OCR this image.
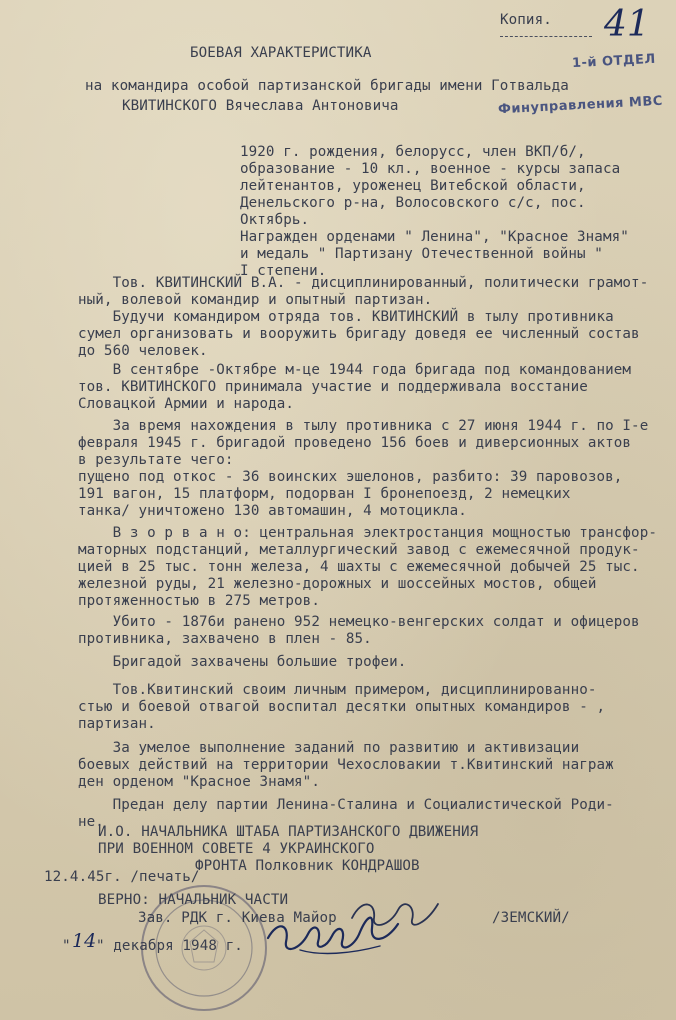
Копия. 41
1-й ОТДЕЛ
Финуправления МВС
БОЕВАЯ ХАРАКТЕРИСТИКА
на командира особой партизанской бригады имени Готвальда
КВИТИНСКОГО Вячеслава Антоновича
1920 г. рождения, белорусс, член ВКП/б/,
образование - 10 кл., военное - курсы запаса
лейтенантов, уроженец Витебской области,
Денельского р-на, Волосовского с/с, пос.
Октябрь.
Награжден орденами " Ленина", "Красное Знамя"
и медаль " Партизану Отечественной войны "
I степени.
Тов. КВИТИНСКИЙ В.А. - дисциплинированный, политически грамот-
ный, волевой командир и опытный партизан.
Будучи командиром отряда тов. КВИТИНСКИЙ в тылу противника
сумел организовать и вооружить бригаду доведя ее численный состав
до 560 человек.
В сентябре -Октябре м-це 1944 года бригада под командованием
тов. КВИТИНСКОГО принимала участие и поддерживала восстание
Словацкой Армии и народа.
За время нахождения в тылу противника с 27 июня 1944 г. по I-е
февраля 1945 г. бригадой проведено 156 боев и диверсионных актов
в результате чего:
пущено под откос - 36 воинских эшелонов, разбито: 39 паровозов,
191 вагон, 15 платформ, подорван I бронепоезд, 2 немецких
танка/ уничтожено 130 автомашин, 4 мотоцикла.
В з о р в а н о: центральная электростанция мощностью трансфор-
маторных подстанций, металлургический завод с ежемесячной продук-
цией в 25 тыс. тонн железа, 4 шахты с ежемесячной добычей 25 тыс.
железной руды, 21 железно-дорожных и шоссейных мостов, общей
протяженностью в 275 метров.
Убито - 1876и ранено 952 немецко-венгерских солдат и офицеров
противника, захвачено в плен - 85.
Бригадой захвачены большие трофеи.
Тов.Квитинский своим личным примером, дисциплинированно-
стью и боевой отвагой воспитал десятки опытных командиров - ,
партизан.
За умелое выполнение заданий по развитию и активизации
боевых действий на территории Чехословакии т.Квитинский награж
ден орденом "Красное Знамя".
Предан делу партии Ленина-Сталина и Социалистической Роди-
не.
И.О. НАЧАЛЬНИКА ШТАБА ПАРТИЗАНСКОГО ДВИЖЕНИЯ
ПРИ ВОЕННОМ СОВЕТЕ 4 УКРАИНСКОГО
ФРОНТА Полковник КОНДРАШОВ
12.4.45г. /печать/
ВЕРНО: НАЧАЛЬНИК ЧАСТИ
Зав. РДК г. Киева Майор	/ЗЕМСКИЙ/
" 14 " декабря 1948 г.
